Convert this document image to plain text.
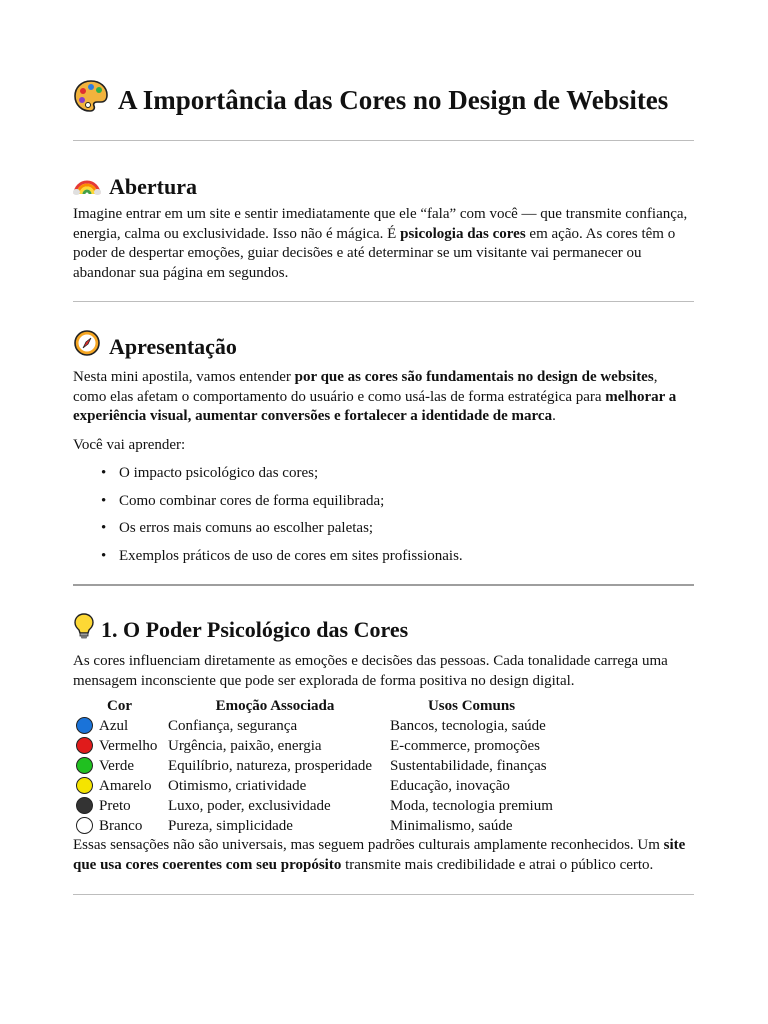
A Importância das Cores no Design de Websites
Abertura

Imagine entrar em um site e sentir imediatamente que ele “fala” com você — que transmite confiança, energia, calma ou exclusividade. Isso não é mágica. É psicologia das cores em ação. As cores têm o poder de despertar emoções, guiar decisões e até determinar se um visitante vai permanecer ou abandonar sua página em segundos.

Apresentação

Nesta mini apostila, vamos entender por que as cores são fundamentais no design de websites, como elas afetam o comportamento do usuário e como usá-las de forma estratégica para melhorar a experiência visual, aumentar conversões e fortalecer a identidade de marca.

Você vai aprender:

• O impacto psicológico das cores;
• Como combinar cores de forma equilibrada;
• Os erros mais comuns ao escolher paletas;
• Exemplos práticos de uso de cores em sites profissionais.
1. O Poder Psicológico das Cores

As cores influenciam diretamente as emoções e decisões das pessoas. Cada tonalidade carrega uma mensagem inconsciente que pode ser explorada de forma positiva no design digital.

Cor	Emoção Associada	Usos Comuns
Azul	Confiança, segurança	Bancos, tecnologia, saúde
Vermelho	Urgência, paixão, energia	E-commerce, promoções
Verde	Equilíbrio, natureza, prosperidade	Sustentabilidade, finanças
Amarelo	Otimismo, criatividade	Educação, inovação
Preto	Luxo, poder, exclusividade	Moda, tecnologia premium
Branco	Pureza, simplicidade	Minimalismo, saúde

Essas sensações não são universais, mas seguem padrões culturais amplamente reconhecidos. Um site que usa cores coerentes com seu propósito transmite mais credibilidade e atrai o público certo.
